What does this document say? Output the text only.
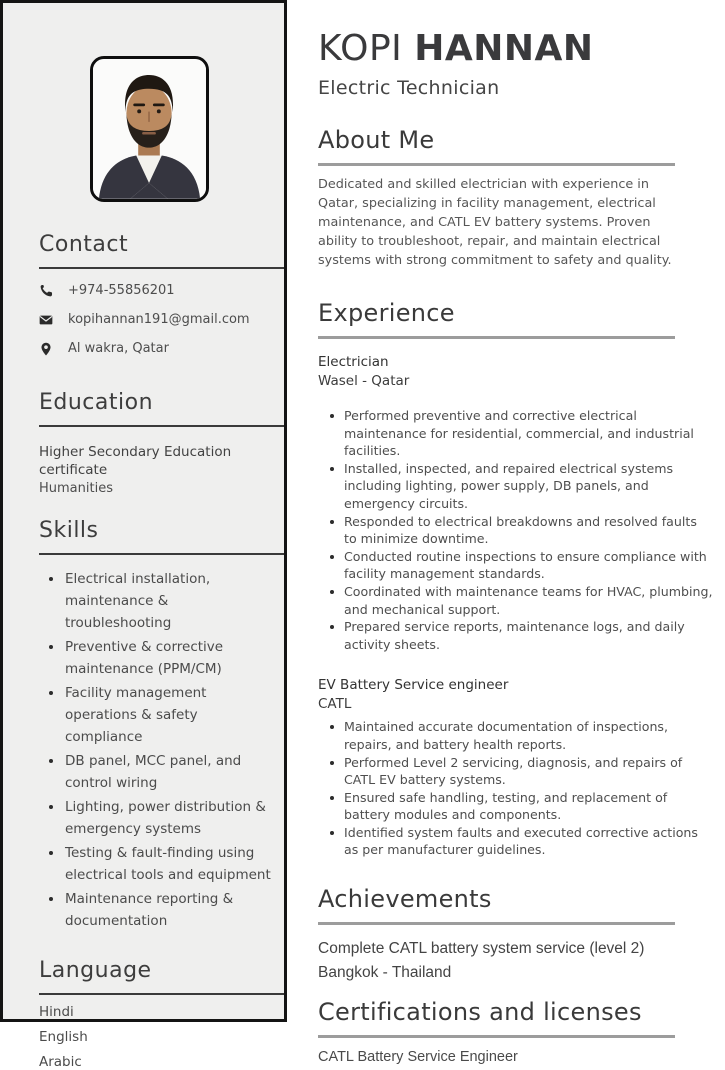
Contact
+974-55856201
kopihannan191@gmail.com
Al wakra, Qatar
Education
Higher Secondary Education certificate
Humanities
Skills
Electrical installation, maintenance & troubleshooting
Preventive & corrective maintenance (PPM/CM)
Facility management operations & safety compliance
DB panel, MCC panel, and control wiring
Lighting, power distribution & emergency systems
Testing & fault-finding using electrical tools and equipment
Maintenance reporting & documentation
Language
Hindi
English
Arabic
KOPI HANNAN
Electric Technician
About Me

Dedicated and skilled electrician with experience in Qatar, specializing in facility management, electrical maintenance, and CATL EV battery systems. Proven ability to troubleshoot, repair, and maintain electrical systems with strong commitment to safety and quality.

Experience
Electrician
Wasel - Qatar
Performed preventive and corrective electrical maintenance for residential, commercial, and industrial facilities.
Installed, inspected, and repaired electrical systems including lighting, power supply, DB panels, and emergency circuits.
Responded to electrical breakdowns and resolved faults to minimize downtime.
Conducted routine inspections to ensure compliance with facility management standards.
Coordinated with maintenance teams for HVAC, plumbing, and mechanical support.
Prepared service reports, maintenance logs, and daily activity sheets.
EV Battery Service engineer
CATL
Maintained accurate documentation of inspections, repairs, and battery health reports.
Performed Level 2 servicing, diagnosis, and repairs of CATL EV battery systems.
Ensured safe handling, testing, and replacement of battery modules and components.
Identified system faults and executed corrective actions as per manufacturer guidelines.
Achievements
Complete CATL battery system service (level 2)
Bangkok - Thailand
Certifications and licenses
CATL Battery Service Engineer
